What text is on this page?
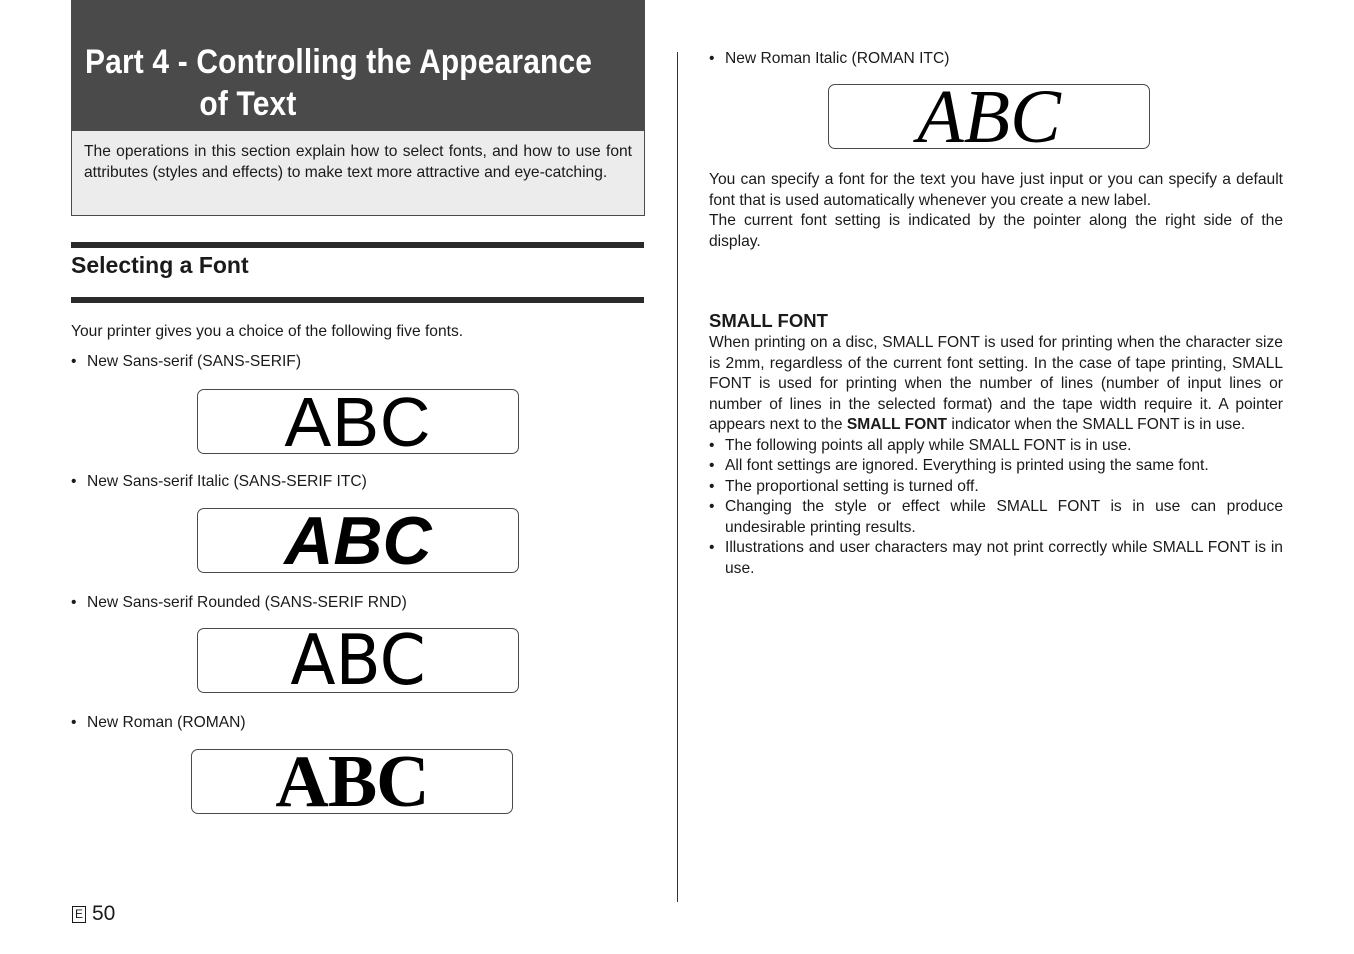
Part 4 - Controlling the Appearance
of Text

The operations in this section explain how to select fonts, and how to use font attributes (styles and effects) to make text more attractive and eye-catching.

Selecting a Font

Your printer gives you a choice of the following five fonts.

• New Sans-serif (SANS-SERIF)

ABC

• New Sans-serif Italic (SANS-SERIF ITC)

ABC

• New Sans-serif Rounded (SANS-SERIF RND)

ABC

• New Roman (ROMAN)

ABC

• New Roman Italic (ROMAN ITC)

ABC

You can specify a font for the text you have just input or you can specify a default font that is used automatically whenever you create a new label.

The current font setting is indicated by the pointer along the right side of the display.

SMALL FONT

When printing on a disc, SMALL FONT is used for printing when the character size is 2mm, regardless of the current font setting. In the case of tape printing, SMALL FONT is used for printing when the number of lines (number of input lines or number of lines in the selected format) and the tape width require it. A pointer appears next to the SMALL FONT indicator when the SMALL FONT is in use.

• The following points all apply while SMALL FONT is in use.
• All font settings are ignored. Everything is printed using the same font.
• The proportional setting is turned off.
• Changing the style or effect while SMALL FONT is in use can produce undesirable printing results.
• Illustrations and user characters may not print correctly while SMALL FONT is in use.
E 50
